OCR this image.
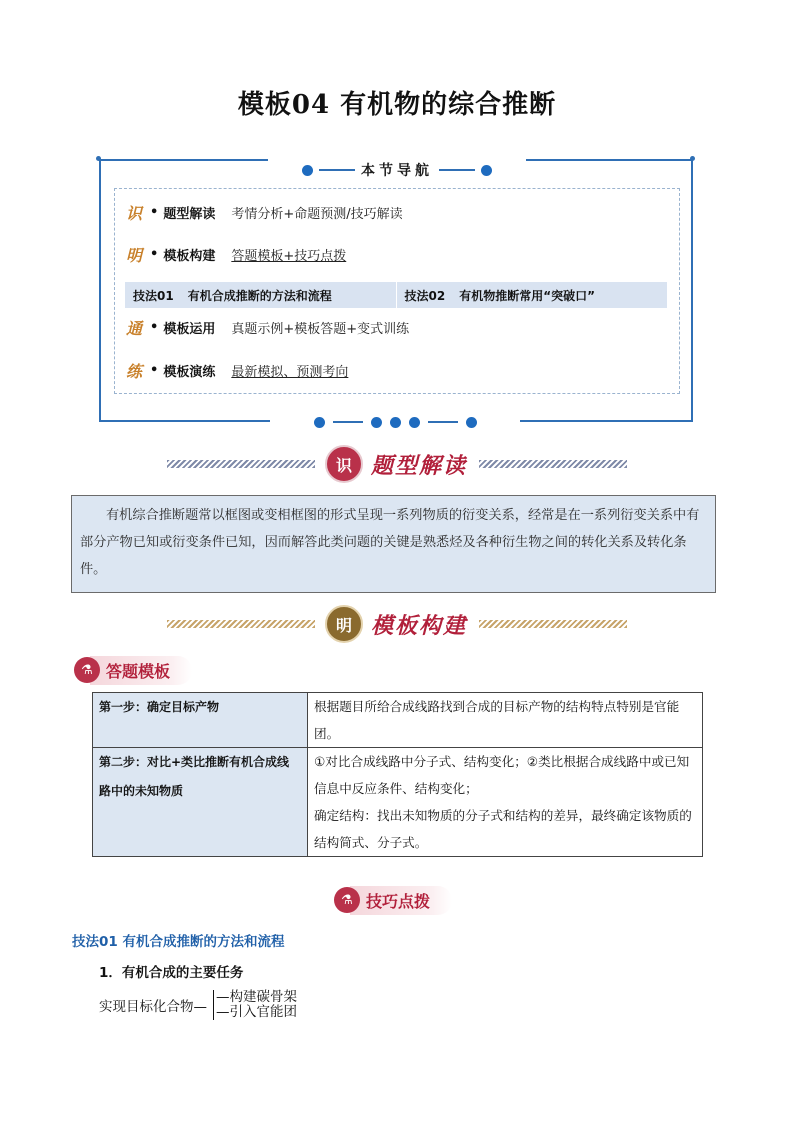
模板04 有机物的综合推断
本节导航
识 • 题型解读 考情分析+命题预测/技巧解读
明 • 模板构建 答题模板+技巧点拨
技法01 有机合成推断的方法和流程	技法02 有机物推断常用“突破口”
通 • 模板运用 真题示例+模板答题+变式训练
练 • 模板演练 最新模拟、预测考向
识 题型解读

有机综合推断题常以框图或变相框图的形式呈现一系列物质的衍变关系，经常是在一系列衍变关系中有部分产物已知或衍变条件已知，因而解答此类问题的关键是熟悉烃及各种衍生物之间的转化关系及转化条件。

明 模板构建
⚗ 答题模板
第一步：确定目标产物	根据题目所给合成线路找到合成的目标产物的结构特点特别是官能团。

第二步：对比+类比推断有机合成线路中的未知物质	①对比合成线路中分子式、结构变化；②类比根据合成线路中或已知信息中反应条件、结构变化；
确定结构：找出未知物质的分子式和结构的差异，最终确定该物质的结构简式、分子式。
⚗ 技巧点拨
技法01 有机合成推断的方法和流程
1．有机合成的主要任务
实现目标化合物—
—构建碳骨架
—引入官能团
